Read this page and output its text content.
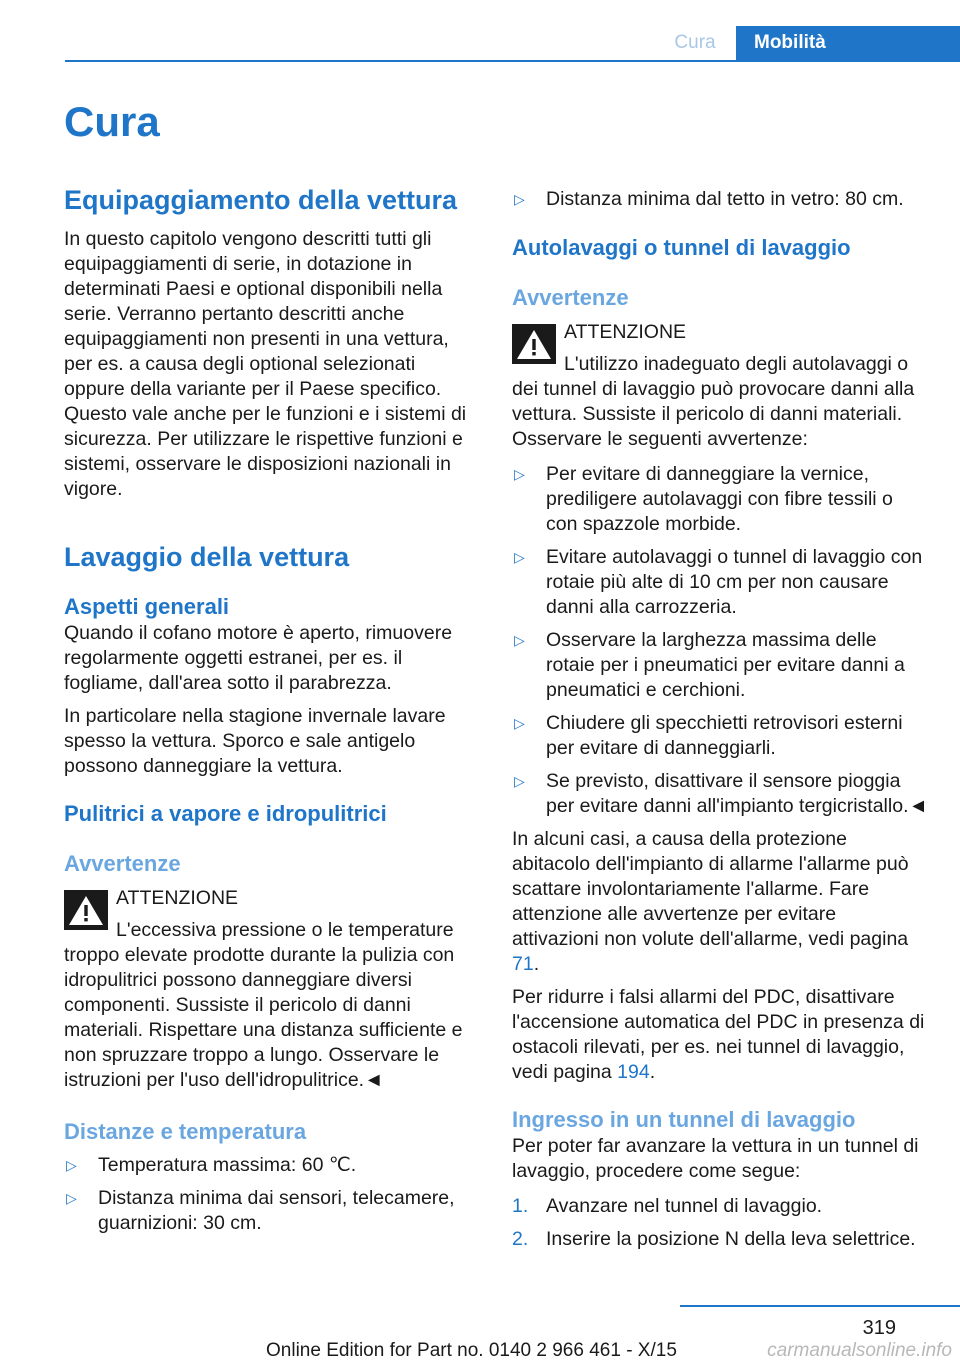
Cura	Mobilità
Cura
Equipaggiamento della vettura

In questo capitolo vengono descritti tutti gli equipaggiamenti di serie, in dotazione in determinati Paesi e optional disponibili nella serie. Verranno pertanto descritti anche equipaggiamenti non presenti in una vettura, per es. a causa degli optional selezionati oppure della variante per il Paese specifico. Questo vale anche per le funzioni e i sistemi di sicurezza. Per utilizzare le rispettive funzioni e sistemi, osservare le disposizioni nazionali in vigore.

Lavaggio della vettura
Aspetti generali

Quando il cofano motore è aperto, rimuovere regolarmente oggetti estranei, per es. il fogliame, dall'area sotto il parabrezza.

In particolare nella stagione invernale lavare spesso la vettura. Sporco e sale antigelo possono danneggiare la vettura.

Pulitrici a vapore e idropulitrici
Avvertenze

ATTENZIONE

L'eccessiva pressione o le temperature troppo elevate prodotte durante la pulizia con idropulitrici possono danneggiare diversi componenti. Sussiste il pericolo di danni materiali. Rispettare una distanza sufficiente e non spruzzare troppo a lungo. Osservare le istruzioni per l'uso dell'idropulitrice.◄

Distanze e temperatura
▷ Temperatura massima: 60 ℃.
▷ Distanza minima dai sensori, telecamere, guarnizioni: 30 cm.
▷ Distanza minima dal tetto in vetro: 80 cm.
Autolavaggi o tunnel di lavaggio
Avvertenze

ATTENZIONE

L'utilizzo inadeguato degli autolavaggi o dei tunnel di lavaggio può provocare danni alla vettura. Sussiste il pericolo di danni materiali. Osservare le seguenti avvertenze:

▷ Per evitare di danneggiare la vernice, prediligere autolavaggi con fibre tessili o con spazzole morbide.
▷ Evitare autolavaggi o tunnel di lavaggio con rotaie più alte di 10 cm per non causare danni alla carrozzeria.
▷ Osservare la larghezza massima delle rotaie per i pneumatici per evitare danni a pneumatici e cerchioni.
▷ Chiudere gli specchietti retrovisori esterni per evitare di danneggiarli.
▷ Se previsto, disattivare il sensore pioggia per evitare danni all'impianto tergicristallo.◄

In alcuni casi, a causa della protezione abitacolo dell'impianto di allarme l'allarme può scattare involontariamente l'allarme. Fare attenzione alle avvertenze per evitare attivazioni non volute dell'allarme, vedi pagina 71.

Per ridurre i falsi allarmi del PDC, disattivare l'accensione automatica del PDC in presenza di ostacoli rilevati, per es. nei tunnel di lavaggio, vedi pagina 194.

Ingresso in un tunnel di lavaggio

Per poter far avanzare la vettura in un tunnel di lavaggio, procedere come segue:

1. Avanzare nel tunnel di lavaggio.
2. Inserire la posizione N della leva selettrice.
319
Online Edition for Part no. 0140 2 966 461 - X/15	carmanualsonline.info
